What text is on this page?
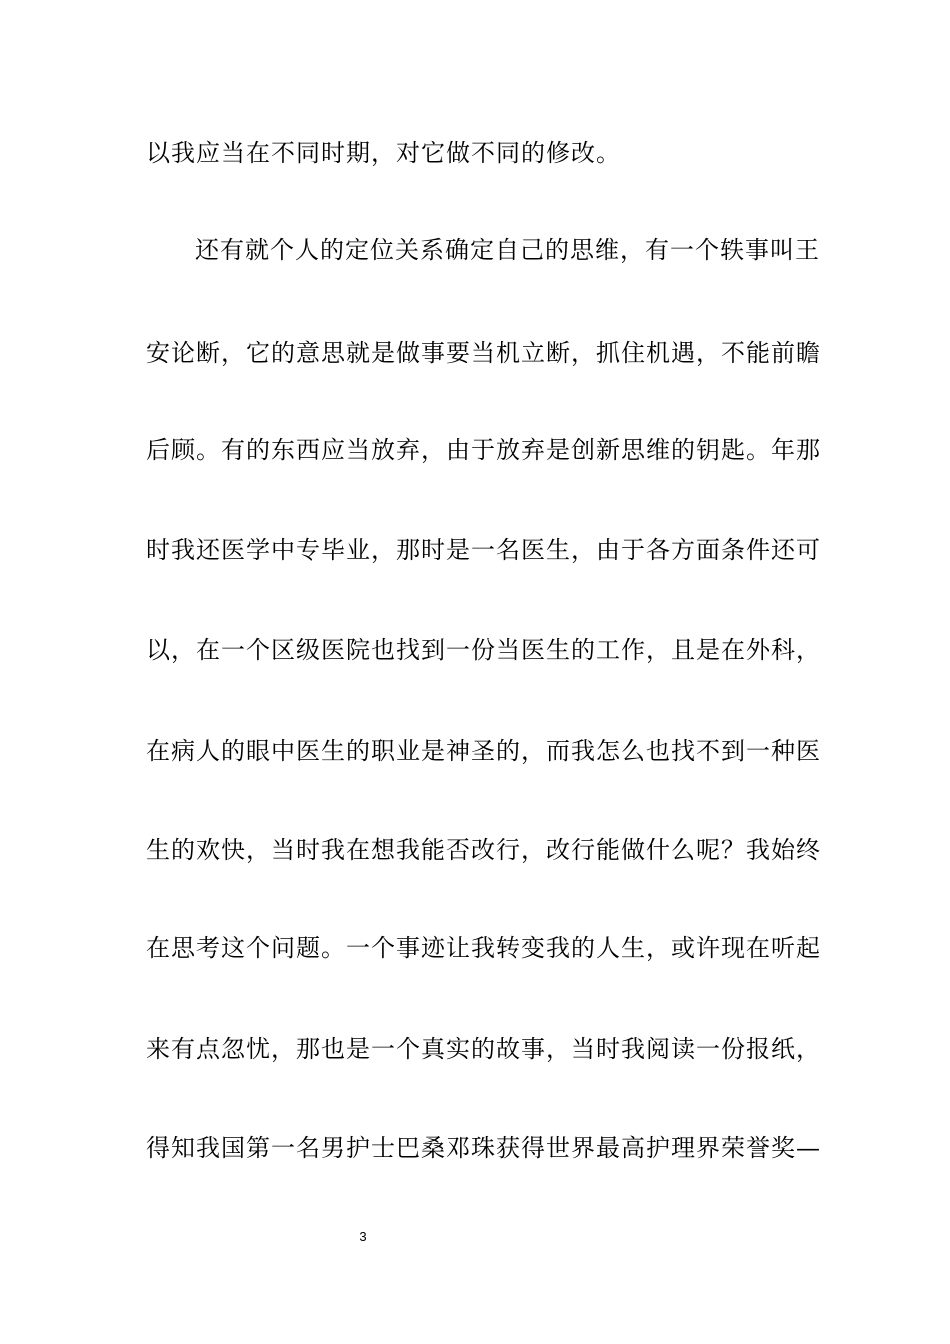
以我应当在不同时期，对它做不同的修改。
还有就个人的定位关系确定自己的思维，有一个轶事叫王
安论断，它的意思就是做事要当机立断，抓住机遇，不能前瞻
后顾。有的东西应当放弃，由于放弃是创新思维的钥匙。年那
时我还医学中专毕业，那时是一名医生，由于各方面条件还可
以，在一个区级医院也找到一份当医生的工作，且是在外科，
在病人的眼中医生的职业是神圣的，而我怎么也找不到一种医
生的欢快，当时我在想我能否改行，改行能做什么呢？我始终
在思考这个问题。一个事迹让我转变我的人生，或许现在听起
来有点忽忧，那也是一个真实的故事，当时我阅读一份报纸，
得知我国第一名男护士巴桑邓珠获得世界最高护理界荣誉奖—
3
